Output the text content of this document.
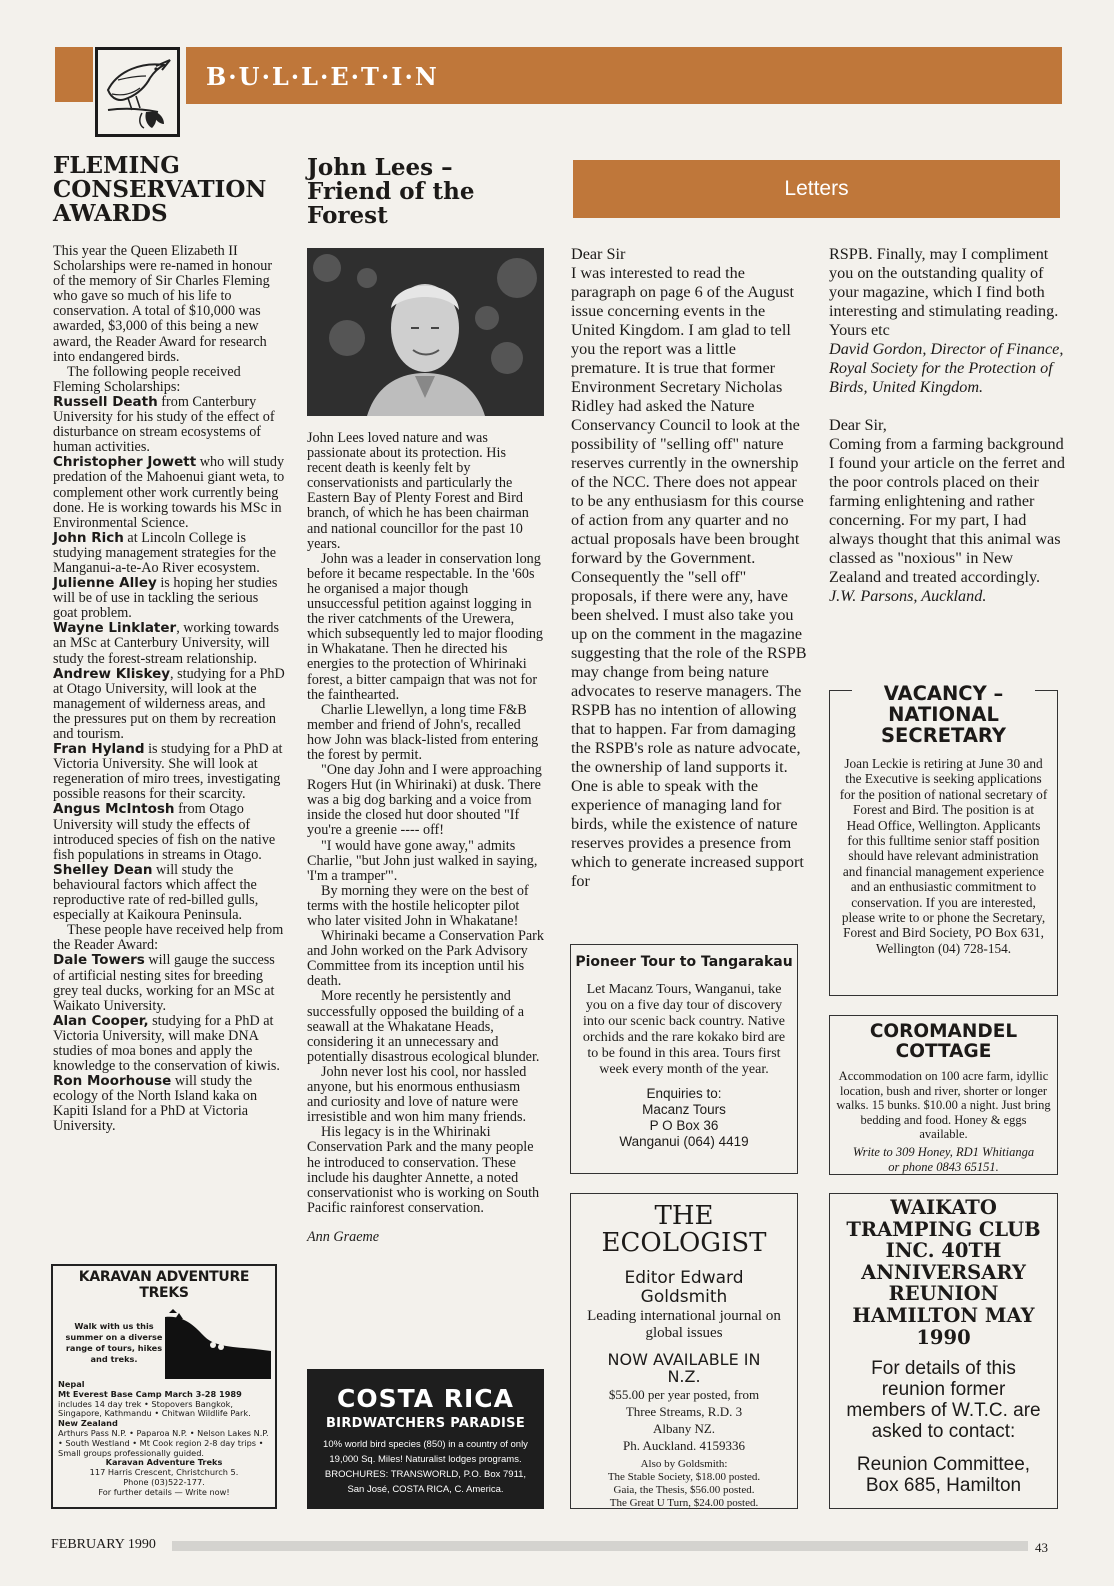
B·U·L·L·E·T·I·N
FLEMING
CONSERVATION
AWARDS

This year the Queen Elizabeth II Scholarships were re-named in honour of the memory of Sir Charles Fleming who gave so much of his life to conservation. A total of $10,000 was awarded, $3,000 of this being a new award, the Reader Award for research into endangered birds.

The following people received Fleming Scholarships:

Russell Death from Canterbury University for his study of the effect of disturbance on stream ecosystems of human activities.

Christopher Jowett who will study predation of the Mahoenui giant weta, to complement other work currently being done. He is working towards his MSc in Environmental Science.

John Rich at Lincoln College is studying management strategies for the Manganui-a-te-Ao River ecosystem.

Julienne Alley is hoping her studies will be of use in tackling the serious goat problem.

Wayne Linklater, working towards an MSc at Canterbury University, will study the forest-stream relationship.

Andrew Kliskey, studying for a PhD at Otago University, will look at the management of wilderness areas, and the pressures put on them by recreation and tourism.

Fran Hyland is studying for a PhD at Victoria University. She will look at regeneration of miro trees, investigating possible reasons for their scarcity.

Angus McIntosh from Otago University will study the effects of introduced species of fish on the native fish populations in streams in Otago.

Shelley Dean will study the behavioural factors which affect the reproductive rate of red-billed gulls, especially at Kaikoura Peninsula.

These people have received help from the Reader Award:

Dale Towers will gauge the success of artificial nesting sites for breeding grey teal ducks, working for an MSc at Waikato University.

Alan Cooper, studying for a PhD at Victoria University, will make DNA studies of moa bones and apply the knowledge to the conservation of kiwis.

Ron Moorhouse will study the ecology of the North Island kaka on Kapiti Island for a PhD at Victoria University.

KARAVAN ADVENTURE TREKS
Walk with us this summer on a diverse range of tours, hikes and treks.
Nepal
Mt Everest Base Camp March 3-28 1989
includes 14 day trek • Stopovers Bangkok, Singapore, Kathmandu • Chitwan Wildlife Park.
New Zealand
Arthurs Pass N.P. • Paparoa N.P. • Nelson Lakes N.P. • South Westland • Mt Cook region 2-8 day trips • Small groups professionally guided.
Karavan Adventure Treks
117 Harris Crescent, Christchurch 5.
Phone (03)522-177.
For further details — Write now!
John Lees –
Friend of the
Forest

John Lees loved nature and was passionate about its protection. His recent death is keenly felt by conservationists and particularly the Eastern Bay of Plenty Forest and Bird branch, of which he has been chairman and national councillor for the past 10 years.

John was a leader in conservation long before it became respectable. In the '60s he organised a major though unsuccessful petition against logging in the river catchments of the Urewera, which subsequently led to major flooding in Whakatane. Then he directed his energies to the protection of Whirinaki forest, a bitter campaign that was not for the fainthearted.

Charlie Llewellyn, a long time F&B member and friend of John's, recalled how John was black-listed from entering the forest by permit.

"One day John and I were approaching Rogers Hut (in Whirinaki) at dusk. There was a big dog barking and a voice from inside the closed hut door shouted "If you're a greenie ---- off!

"I would have gone away," admits Charlie, "but John just walked in saying, 'I'm a tramper'".

By morning they were on the best of terms with the hostile helicopter pilot who later visited John in Whakatane!

Whirinaki became a Conservation Park and John worked on the Park Advisory Committee from its inception until his death.

More recently he persistently and successfully opposed the building of a seawall at the Whakatane Heads, considering it an unnecessary and potentially disastrous ecological blunder.

John never lost his cool, nor hassled anyone, but his enormous enthusiasm and curiosity and love of nature were irresistible and won him many friends.

His legacy is in the Whirinaki Conservation Park and the many people he introduced to conservation. These include his daughter Annette, a noted conservationist who is working on South Pacific rainforest conservation.

Ann Graeme

COSTA RICA
BIRDWATCHERS PARADISE
10% world bird species (850) in a country of only
19,000 Sq. Miles! Naturalist lodges programs.
BROCHURES: TRANSWORLD, P.O. Box 7911,
San José, COSTA RICA, C. America.
Letters

Dear Sir

I was interested to read the paragraph on page 6 of the August issue concerning events in the United Kingdom. I am glad to tell you the report was a little premature. It is true that former Environment Secretary Nicholas Ridley had asked the Nature Conservancy Council to look at the possibility of "selling off" nature reserves currently in the ownership of the NCC. There does not appear to be any enthusiasm for this course of action from any quarter and no actual proposals have been brought forward by the Government. Consequently the "sell off" proposals, if there were any, have been shelved. I must also take you up on the comment in the magazine suggesting that the role of the RSPB may change from being nature advocates to reserve managers. The RSPB has no intention of allowing that to happen. Far from damaging the RSPB's role as nature advocate, the ownership of land supports it. One is able to speak with the experience of managing land for birds, while the existence of nature reserves provides a presence from which to generate increased support for

RSPB. Finally, may I compliment you on the outstanding quality of your magazine, which I find both interesting and stimulating reading.

Yours etc

David Gordon, Director of Finance, Royal Society for the Protection of Birds, United Kingdom.

Dear Sir,

Coming from a farming background I found your article on the ferret and the poor controls placed on their farming enlightening and rather concerning. For my part, I had always thought that this animal was classed as "noxious" in New Zealand and treated accordingly.

J.W. Parsons, Auckland.

Pioneer Tour to Tangarakau
Let Macanz Tours, Wanganui, take you on a five day tour of discovery into our scenic back country. Native orchids and the rare kokako bird are to be found in this area. Tours first week every month of the year.
Enquiries to:
Macanz Tours
P O Box 36
Wanganui (064) 4419
THE
ECOLOGIST
Editor Edward Goldsmith
Leading international journal on global issues
NOW AVAILABLE IN N.Z.
$55.00 per year posted, from
Three Streams, R.D. 3
Albany NZ.
Ph. Auckland. 4159336
Also by Goldsmith:
The Stable Society, $18.00 posted.
Gaia, the Thesis, $56.00 posted.
The Great U Turn, $24.00 posted.
VACANCY – NATIONAL SECRETARY
Joan Leckie is retiring at June 30 and the Executive is seeking applications for the position of national secretary of Forest and Bird. The position is at Head Office, Wellington. Applicants for this fulltime senior staff position should have relevant administration and financial management experience and an enthusiastic commitment to conservation. If you are interested, please write to or phone the Secretary, Forest and Bird Society, PO Box 631, Wellington (04) 728-154.
COROMANDEL COTTAGE
Accommodation on 100 acre farm, idyllic location, bush and river, shorter or longer walks. 15 bunks. $10.00 a night. Just bring bedding and food. Honey & eggs available.
Write to 309 Honey, RD1 Whitianga or phone 0843 65151.
WAIKATO TRAMPING CLUB INC. 40TH ANNIVERSARY REUNION HAMILTON MAY 1990
For details of this reunion former members of W.T.C. are asked to contact:
Reunion Committee, Box 685, Hamilton
FEBRUARY 1990	43
